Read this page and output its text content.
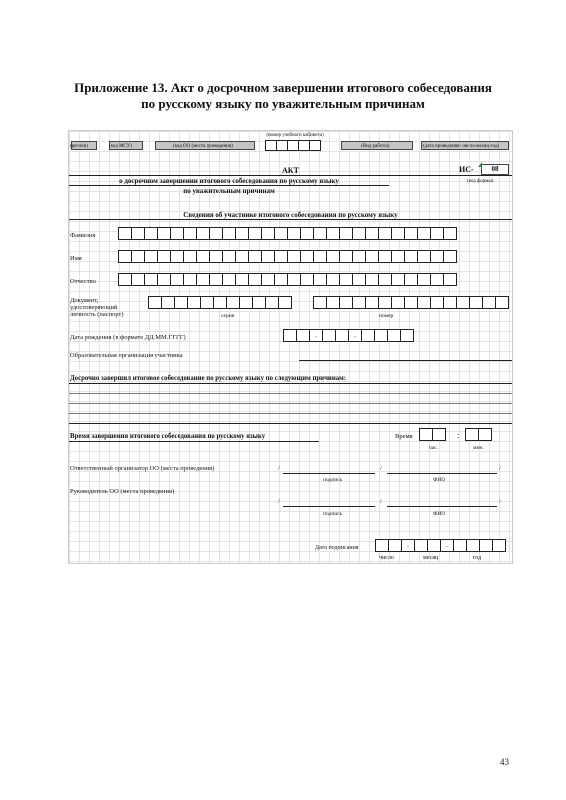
Приложение 13. Акт о досрочном завершении итогового собеседования
по русскому языку по уважительным причинам
(регион)	(код МСУ)	(код ОО (места проведения)
(номер учебного кабинета)
(Вид работы)	(дата проведения: число-месяц-год)
АКТ
о досрочном завершении итогового собеседования по русскому языку
по уважительным причинам
ИС-	08
(код формы)
Сведения об участнике итогового собеседования по русскому языку
Фамилия
Имя
Отчество
Документ,
удостоверяющий
личность (паспорт)	серия	номер
Дата рождения (в формате ДД.ММ.ГГГГ)	.	.
Образовательная организация участника
Досрочно завершил итоговое собеседование по русскому языку по следующим причинам:
Время завершения итогового собеседования по русскому языку	Время	:
час.	мин.
Ответственный организатор ОО (места проведения)	/	/	/
подпись	ФИО
Руководитель ОО (места проведения)
/	/	/
подпись	ФИО
Дата подписания	.	.
число	месяц	год
43
